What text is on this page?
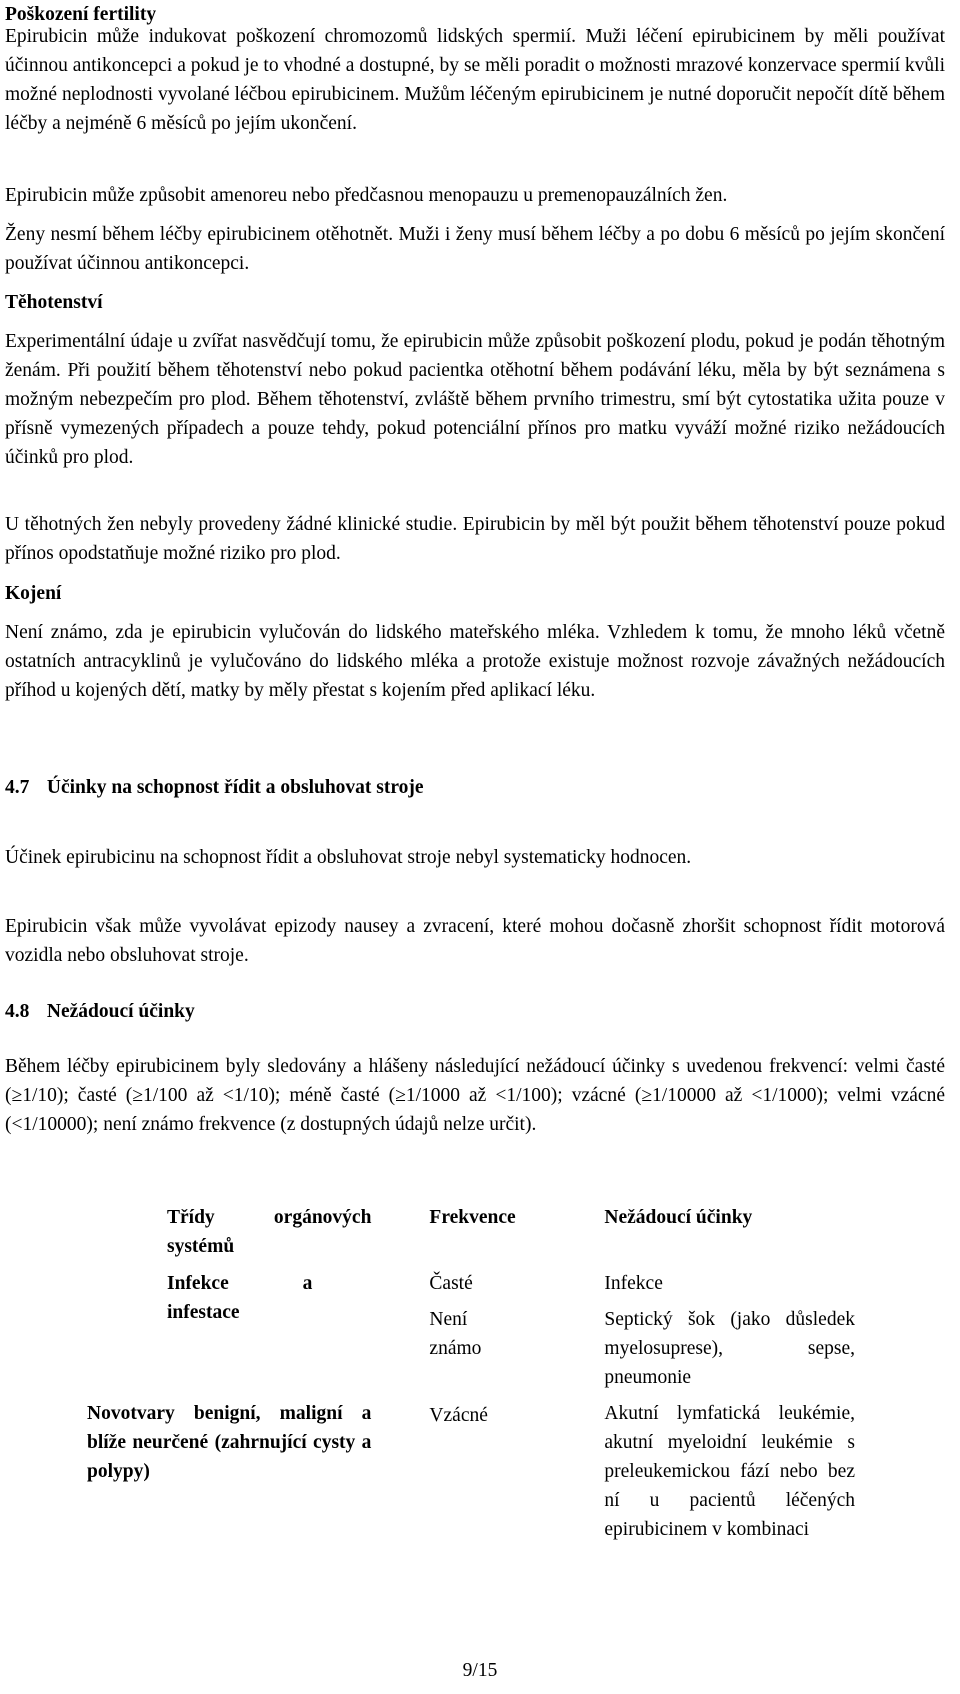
Poškození fertility

Epirubicin může indukovat poškození chromozomů lidských spermií. Muži léčení epirubicinem by měli používat účinnou antikoncepci a pokud je to vhodné a dostupné, by se měli poradit o možnosti mrazové konzervace spermií kvůli možné neplodnosti vyvolané léčbou epirubicinem. Mužům léčeným epirubicinem je nutné doporučit nepočít dítě během léčby a nejméně 6 měsíců po jejím ukončení.

Epirubicin může způsobit amenoreu nebo předčasnou menopauzu u premenopauzálních žen.

Ženy nesmí během léčby epirubicinem otěhotnět. Muži i ženy musí během léčby a po dobu 6 měsíců po jejím skončení používat účinnou antikoncepci.

Těhotenství

Experimentální údaje u zvířat nasvědčují tomu, že epirubicin může způsobit poškození plodu, pokud je podán těhotným ženám. Při použití během těhotenství nebo pokud pacientka otěhotní během podávání léku, měla by být seznámena s možným nebezpečím pro plod. Během těhotenství, zvláště během prvního trimestru, smí být cytostatika užita pouze v přísně vymezených případech a pouze tehdy, pokud potenciální přínos pro matku vyváží možné riziko nežádoucích účinků pro plod.

U těhotných žen nebyly provedeny žádné klinické studie. Epirubicin by měl být použit během těhotenství pouze pokud přínos opodstatňuje možné riziko pro plod.

Kojení

Není známo, zda je epirubicin vylučován do lidského mateřského mléka. Vzhledem k tomu, že mnoho léků včetně ostatních antracyklinů je vylučováno do lidského mléka a protože existuje možnost rozvoje závažných nežádoucích příhod u kojených dětí, matky by měly přestat s kojením před aplikací léku.

4.7 Účinky na schopnost řídit a obsluhovat stroje

Účinek epirubicinu na schopnost řídit a obsluhovat stroje nebyl systematicky hodnocen.

Epirubicin však může vyvolávat epizody nausey a zvracení, které mohou dočasně zhoršit schopnost řídit motorová vozidla nebo obsluhovat stroje.

4.8 Nežádoucí účinky

Během léčby epirubicinem byly sledovány a hlášeny následující nežádoucí účinky s uvedenou frekvencí: velmi časté (≥1/10); časté (≥1/100 až <1/10); méně časté (≥1/1000 až <1/100); vzácné (≥1/10000 až <1/1000); velmi vzácné (<1/10000); není známo frekvence (z dostupných údajů nelze určit).

Třídy orgánových systémů	Frekvence	Nežádoucí účinky

Infekce a infestace	Časté	Infekce

	Není známo	Septický šok (jako důsledek myelosuprese), sepse, pneumonie

Novotvary benigní, maligní a blíže neurčené (zahrnující cysty a polypy)	Vzácné	Akutní lymfatická leukémie, akutní myeloidní leukémie s preleukemickou fází nebo bez ní u pacientů léčených epirubicinem v kombinaci
9/15
